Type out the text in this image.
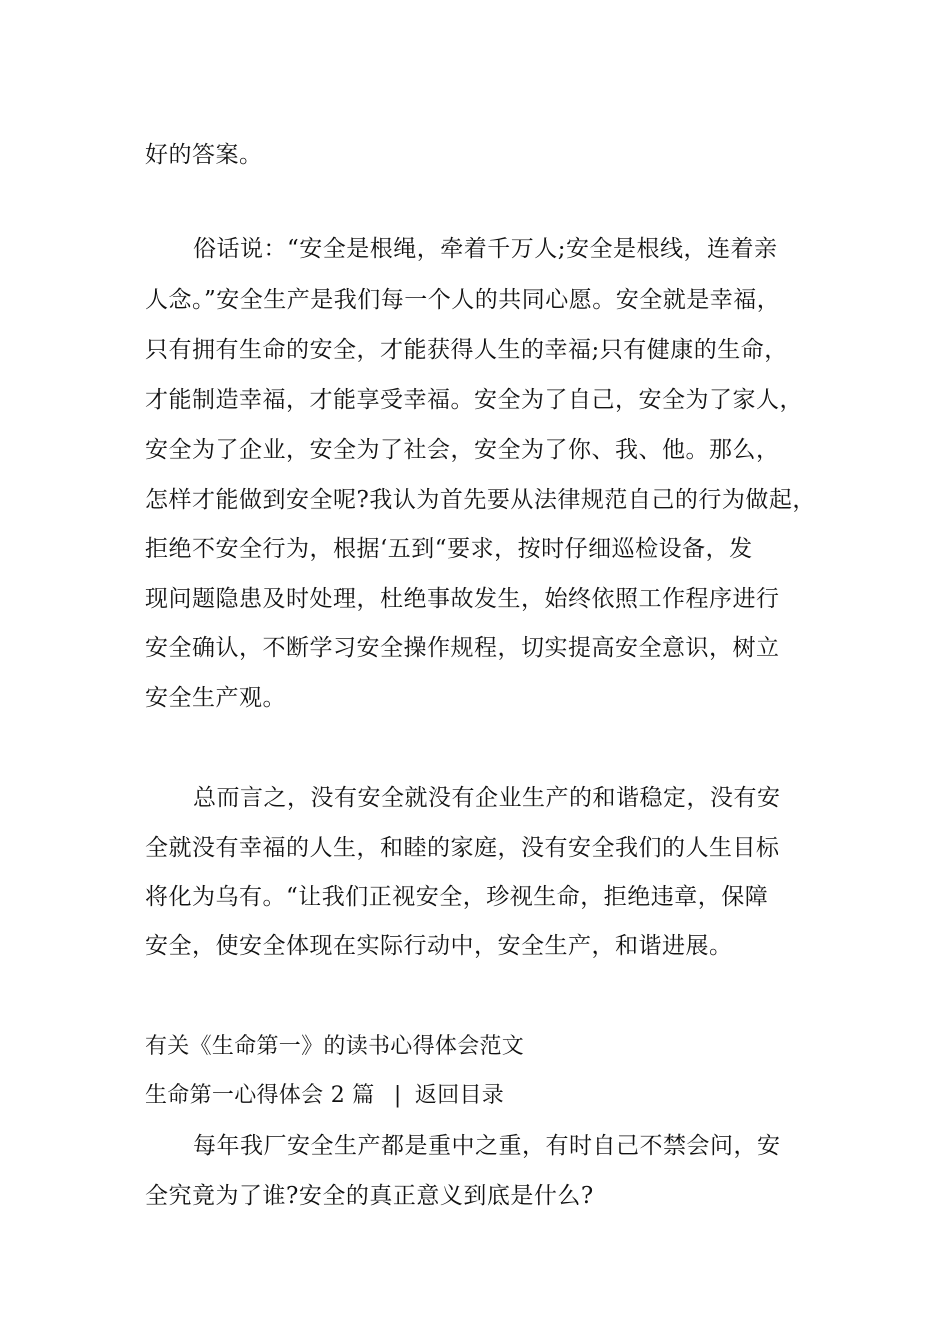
好的答案。
俗话说：“安全是根绳，牵着千万人;安全是根线，连着亲
人念。”安全生产是我们每一个人的共同心愿。安全就是幸福，
只有拥有生命的安全，才能获得人生的幸福;只有健康的生命，
才能制造幸福，才能享受幸福。安全为了自己，安全为了家人，
安全为了企业，安全为了社会，安全为了你、我、他。那么，
怎样才能做到安全呢?我认为首先要从法律规范自己的行为做起，
拒绝不安全行为，根据‘五到“要求，按时仔细巡检设备，发
现问题隐患及时处理，杜绝事故发生，始终依照工作程序进行
安全确认，不断学习安全操作规程，切实提高安全意识，树立
安全生产观。
总而言之，没有安全就没有企业生产的和谐稳定，没有安
全就没有幸福的人生，和睦的家庭，没有安全我们的人生目标
将化为乌有。“让我们正视安全，珍视生命，拒绝违章，保障
安全，使安全体现在实际行动中，安全生产，和谐进展。
有关《生命第一》的读书心得体会范文
生命第一心得体会 2 篇 | 返回目录
每年我厂安全生产都是重中之重，有时自己不禁会问，安
全究竟为了谁?安全的真正意义到底是什么?
